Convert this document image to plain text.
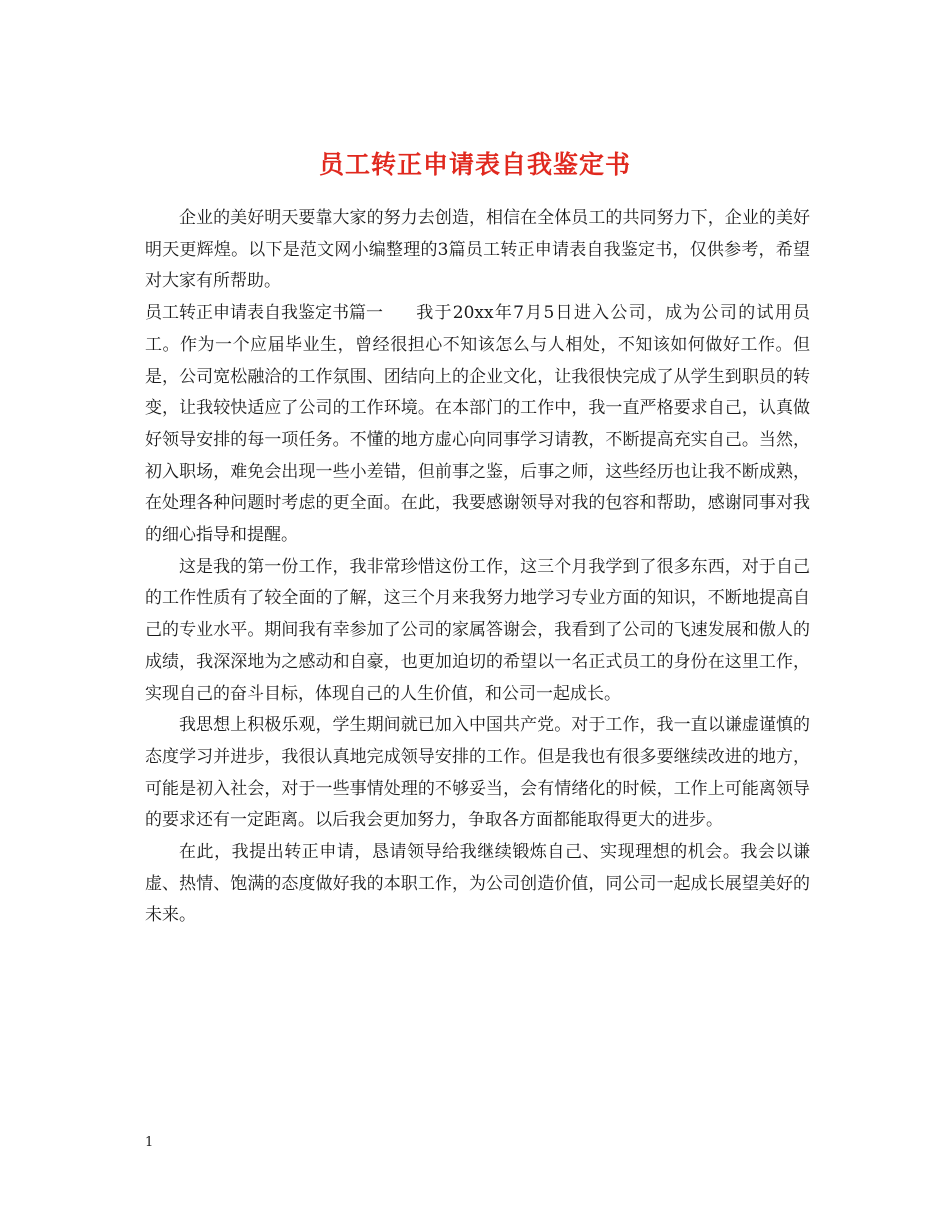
员工转正申请表自我鉴定书

企业的美好明天要靠大家的努力去创造，相信在全体员工的共同努力下，企业的美好明天更辉煌。以下是范文网小编整理的3篇员工转正申请表自我鉴定书，仅供参考，希望对大家有所帮助。

员工转正申请表自我鉴定书篇一 我于20xx年7月5日进入公司，成为公司的试用员工。作为一个应届毕业生，曾经很担心不知该怎么与人相处，不知该如何做好工作。但是，公司宽松融洽的工作氛围、团结向上的企业文化，让我很快完成了从学生到职员的转变，让我较快适应了公司的工作环境。在本部门的工作中，我一直严格要求自己，认真做好领导安排的每一项任务。不懂的地方虚心向同事学习请教，不断提高充实自己。当然，初入职场，难免会出现一些小差错，但前事之鉴，后事之师，这些经历也让我不断成熟，在处理各种问题时考虑的更全面。在此，我要感谢领导对我的包容和帮助，感谢同事对我的细心指导和提醒。

这是我的第一份工作，我非常珍惜这份工作，这三个月我学到了很多东西，对于自己的工作性质有了较全面的了解，这三个月来我努力地学习专业方面的知识，不断地提高自己的专业水平。期间我有幸参加了公司的家属答谢会，我看到了公司的飞速发展和傲人的成绩，我深深地为之感动和自豪，也更加迫切的希望以一名正式员工的身份在这里工作，实现自己的奋斗目标，体现自己的人生价值，和公司一起成长。

我思想上积极乐观，学生期间就已加入中国共产党。对于工作，我一直以谦虚谨慎的态度学习并进步，我很认真地完成领导安排的工作。但是我也有很多要继续改进的地方，可能是初入社会，对于一些事情处理的不够妥当，会有情绪化的时候，工作上可能离领导的要求还有一定距离。以后我会更加努力，争取各方面都能取得更大的进步。

在此，我提出转正申请，恳请领导给我继续锻炼自己、实现理想的机会。我会以谦虚、热情、饱满的态度做好我的本职工作，为公司创造价值，同公司一起成长展望美好的未来。

1
